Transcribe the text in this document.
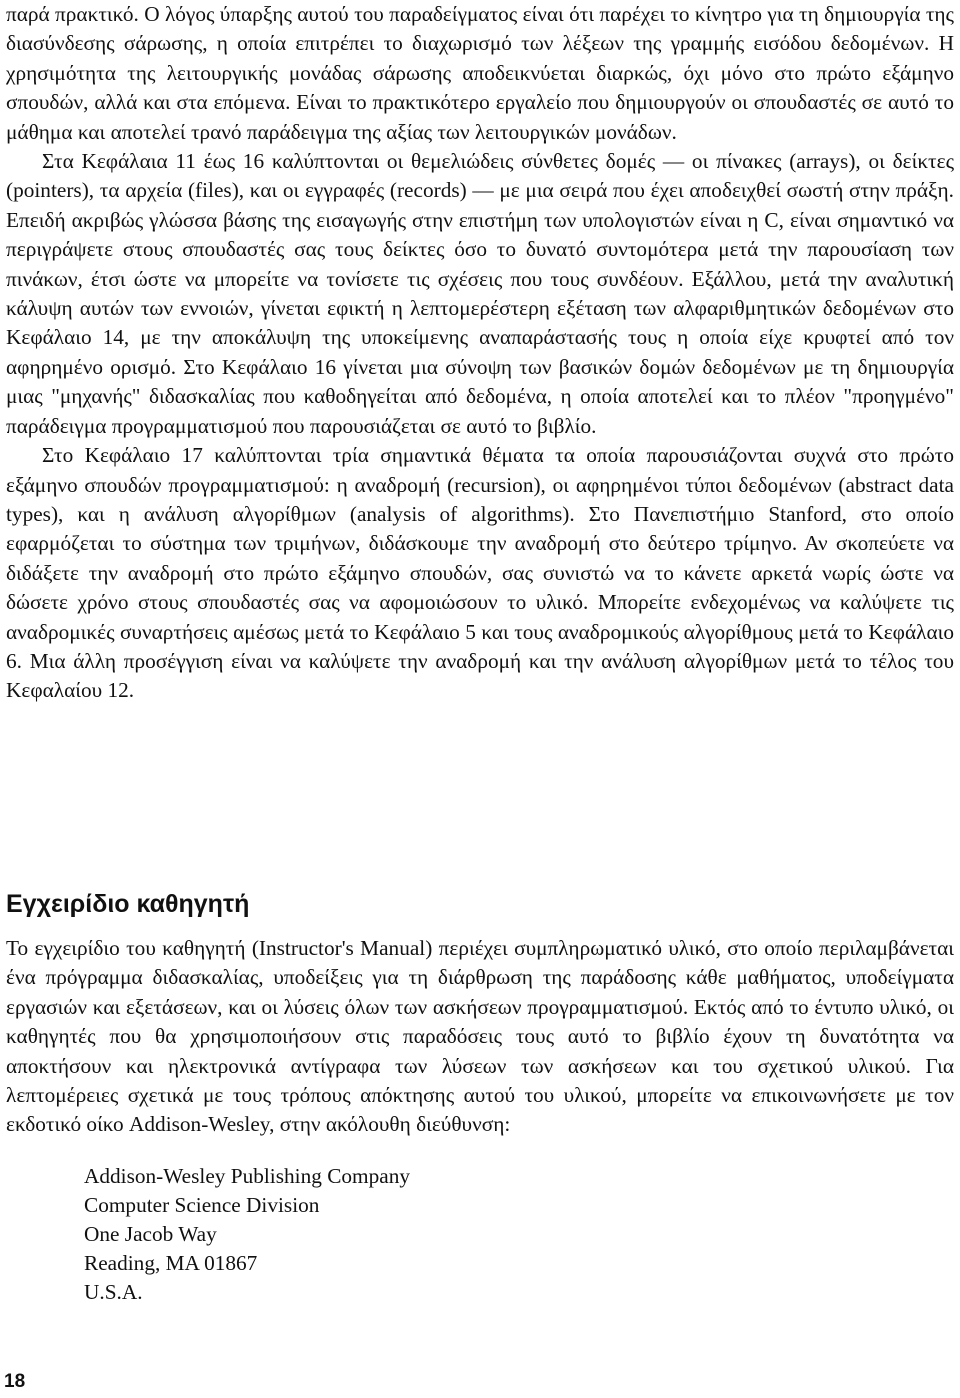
παρά πρακτικό. Ο λόγος ύπαρξης αυτού του παραδείγματος είναι ότι παρέχει το κίνητρο για τη δημιουργία της διασύνδεσης σάρωσης, η οποία επιτρέπει το διαχωρισμό των λέξεων της γραμμής εισόδου δεδομένων. Η χρησιμότητα της λειτουργικής μονάδας σάρωσης αποδεικνύεται διαρκώς, όχι μόνο στο πρώτο εξάμηνο σπουδών, αλλά και στα επόμενα. Είναι το πρακτικότερο εργαλείο που δημιουργούν οι σπουδαστές σε αυτό το μάθημα και αποτελεί τρανό παράδειγμα της αξίας των λειτουργικών μονάδων.

Στα Κεφάλαια 11 έως 16 καλύπτονται οι θεμελιώδεις σύνθετες δομές — οι πίνακες (arrays), οι δείκτες (pointers), τα αρχεία (files), και οι εγγραφές (records) — με μια σειρά που έχει αποδειχθεί σωστή στην πράξη. Επειδή ακριβώς γλώσσα βάσης της εισαγωγής στην επιστήμη των υπολογιστών είναι η C, είναι σημαντικό να περιγράψετε στους σπουδαστές σας τους δείκτες όσο το δυνατό συντομότερα μετά την παρουσίαση των πινάκων, έτσι ώστε να μπορείτε να τονίσετε τις σχέσεις που τους συνδέουν. Εξάλλου, μετά την αναλυτική κάλυψη αυτών των εννοιών, γίνεται εφικτή η λεπτομερέστερη εξέταση των αλφαριθμητικών δεδομένων στο Κεφάλαιο 14, με την αποκάλυψη της υποκείμενης αναπαράστασής τους η οποία είχε κρυφτεί από τον αφηρημένο ορισμό. Στο Κεφάλαιο 16 γίνεται μια σύνοψη των βασικών δομών δεδομένων με τη δημιουργία μιας "μηχανής" διδασκαλίας που καθοδηγείται από δεδομένα, η οποία αποτελεί και το πλέον "προηγμένο" παράδειγμα προγραμματισμού που παρουσιάζεται σε αυτό το βιβλίο.

Στο Κεφάλαιο 17 καλύπτονται τρία σημαντικά θέματα τα οποία παρουσιάζονται συχνά στο πρώτο εξάμηνο σπουδών προγραμματισμού: η αναδρομή (recursion), οι αφηρημένοι τύποι δεδομένων (abstract data types), και η ανάλυση αλγορίθμων (analysis of algorithms). Στο Πανεπιστήμιο Stanford, στο οποίο εφαρμόζεται το σύστημα των τριμήνων, διδάσκουμε την αναδρομή στο δεύτερο τρίμηνο. Αν σκοπεύετε να διδάξετε την αναδρομή στο πρώτο εξάμηνο σπουδών, σας συνιστώ να το κάνετε αρκετά νωρίς ώστε να δώσετε χρόνο στους σπουδαστές σας να αφομοιώσουν το υλικό. Μπορείτε ενδεχομένως να καλύψετε τις αναδρομικές συναρτήσεις αμέσως μετά το Κεφάλαιο 5 και τους αναδρομικούς αλγορίθμους μετά το Κεφάλαιο 6. Μια άλλη προσέγγιση είναι να καλύψετε την αναδρομή και την ανάλυση αλγορίθμων μετά το τέλος του Κεφαλαίου 12.

Εγχειρίδιο καθηγητή

Το εγχειρίδιο του καθηγητή (Instructor's Manual) περιέχει συμπληρωματικό υλικό, στο οποίο περιλαμβάνεται ένα πρόγραμμα διδασκαλίας, υποδείξεις για τη διάρθρωση της παράδοσης κάθε μαθήματος, υποδείγματα εργασιών και εξετάσεων, και οι λύσεις όλων των ασκήσεων προγραμματισμού. Εκτός από το έντυπο υλικό, οι καθηγητές που θα χρησιμοποιήσουν στις παραδόσεις τους αυτό το βιβλίο έχουν τη δυνατότητα να αποκτήσουν και ηλεκτρονικά αντίγραφα των λύσεων των ασκήσεων και του σχετικού υλικού. Για λεπτομέρειες σχετικά με τους τρόπους απόκτησης αυτού του υλικού, μπορείτε να επικοινωνήσετε με τον εκδοτικό οίκο Addison-Wesley, στην ακόλουθη διεύθυνση:

Addison-Wesley Publishing Company
Computer Science Division
One Jacob Way
Reading, MA 01867
U.S.A.
18
